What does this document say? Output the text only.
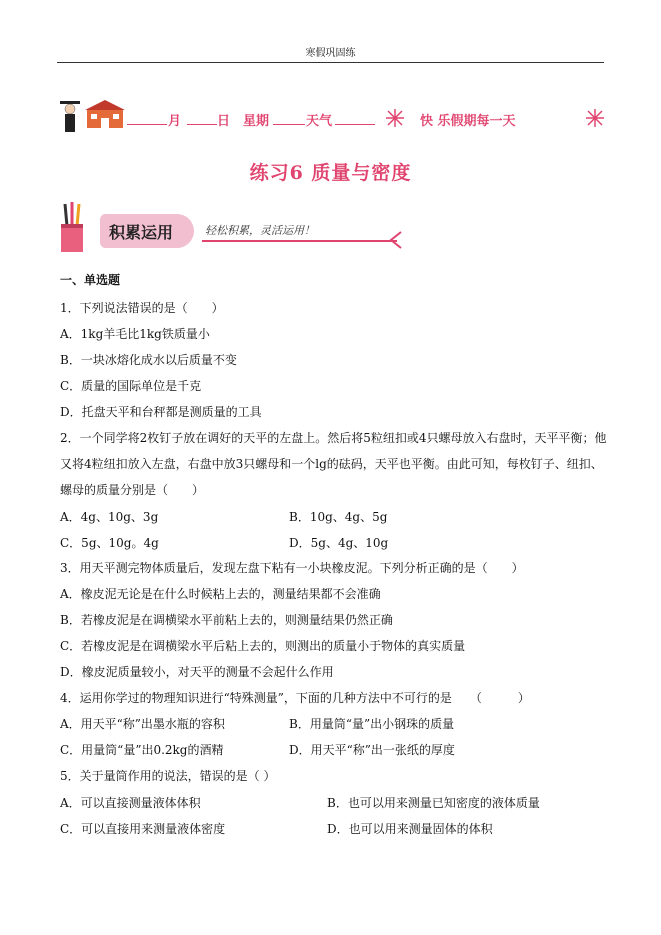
寒假巩固练
月	日 星期	天气	快 乐假期每一天
练习6 质量与密度
积累运用	轻松积累，灵活运用！
一、单选题
1．下列说法错误的是（　　）
A．1kg羊毛比1kg铁质量小
B．一块冰熔化成水以后质量不变
C．质量的国际单位是千克
D．托盘天平和台秤都是测质量的工具
2．一个同学将2枚钉子放在调好的天平的左盘上。然后将5粒纽扣或4只螺母放入右盘时，天平平衡；他
又将4粒纽扣放入左盘，右盘中放3只螺母和一个lg的砝码，天平也平衡。由此可知，每枚钉子、纽扣、
螺母的质量分别是（　　）
A．4g、10g、3g	B．10g、4g、5g
C．5g、10g。4g	D．5g、4g、10g
3．用天平测完物体质量后，发现左盘下粘有一小块橡皮泥。下列分析正确的是（　　）
A．橡皮泥无论是在什么时候粘上去的，测量结果都不会准确
B．若橡皮泥是在调横梁水平前粘上去的，则测量结果仍然正确
C．若橡皮泥是在调横梁水平后粘上去的，则测出的质量小于物体的真实质量
D．橡皮泥质量较小，对天平的测量不会起什么作用
4．运用你学过的物理知识进行“特殊测量”，下面的几种方法中不可行的是　　（　　　）
A．用天平“称”出墨水瓶的容积	B．用量筒“量”出小钢珠的质量
C．用量筒“量”出0.2kg的酒精	D．用天平“称”出一张纸的厚度
5．关于量筒作用的说法，错误的是（ ）
A．可以直接测量液体体积	B．也可以用来测量已知密度的液体质量
C．可以直接用来测量液体密度	D．也可以用来测量固体的体积
